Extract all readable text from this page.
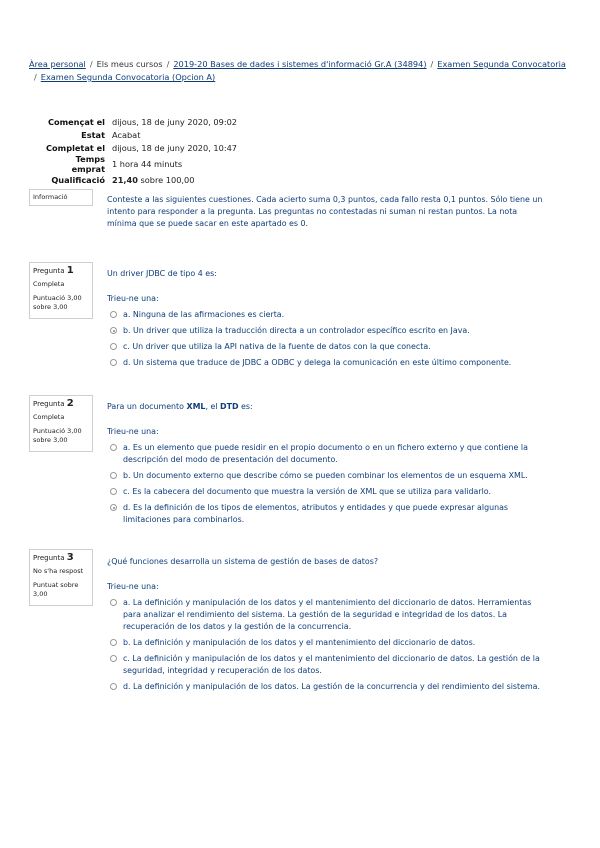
Àrea personal / Els meus cursos / 2019-20 Bases de dades i sistemes d'informació Gr.A (34894) / Examen Segunda Convocatoria
/ Examen Segunda Convocatoria (Opcion A)
Començat el	dijous, 18 de juny 2020, 09:02
Estat	Acabat
Completat el	dijous, 18 de juny 2020, 10:47
Temps emprat	1 hora 44 minuts
Qualificació	21,40 sobre 100,00
Informació	Conteste a las siguientes cuestiones. Cada acierto suma 0,3 puntos, cada fallo resta 0,1 puntos. Sólo tiene un intento para responder a la pregunta. Las preguntas no contestadas ni suman ni restan puntos. La nota mínima que se puede sacar en este apartado es 0.
Pregunta 1
Completa
Puntuació 3,00 sobre 3,00
Un driver JDBC de tipo 4 es:
Trieu-ne una:
a. Ninguna de las afirmaciones es cierta.
b. Un driver que utiliza la traducción directa a un controlador específico escrito en Java.
c. Un driver que utiliza la API nativa de la fuente de datos con la que conecta.
d. Un sistema que traduce de JDBC a ODBC y delega la comunicación en este último componente.
Pregunta 2
Completa
Puntuació 3,00 sobre 3,00
Para un documento XML, el DTD es:
Trieu-ne una:
a. Es un elemento que puede residir en el propio documento o en un fichero externo y que contiene la descripción del modo de presentación del documento.
b. Un documento externo que describe cómo se pueden combinar los elementos de un esquema XML.
c. Es la cabecera del documento que muestra la versión de XML que se utiliza para validarlo.
d. Es la definición de los tipos de elementos, atributos y entidades y que puede expresar algunas limitaciones para combinarlos.
Pregunta 3
No s'ha respost
Puntuat sobre 3,00
¿Qué funciones desarrolla un sistema de gestión de bases de datos?
Trieu-ne una:
a. La definición y manipulación de los datos y el mantenimiento del diccionario de datos. Herramientas para analizar el rendimiento del sistema. La gestión de la seguridad e integridad de los datos. La recuperación de los datos y la gestión de la concurrencia.
b. La definición y manipulación de los datos y el mantenimiento del diccionario de datos.
c. La definición y manipulación de los datos y el mantenimiento del diccionario de datos. La gestión de la seguridad, integridad y recuperación de los datos.
d. La definición y manipulación de los datos. La gestión de la concurrencia y del rendimiento del sistema.
